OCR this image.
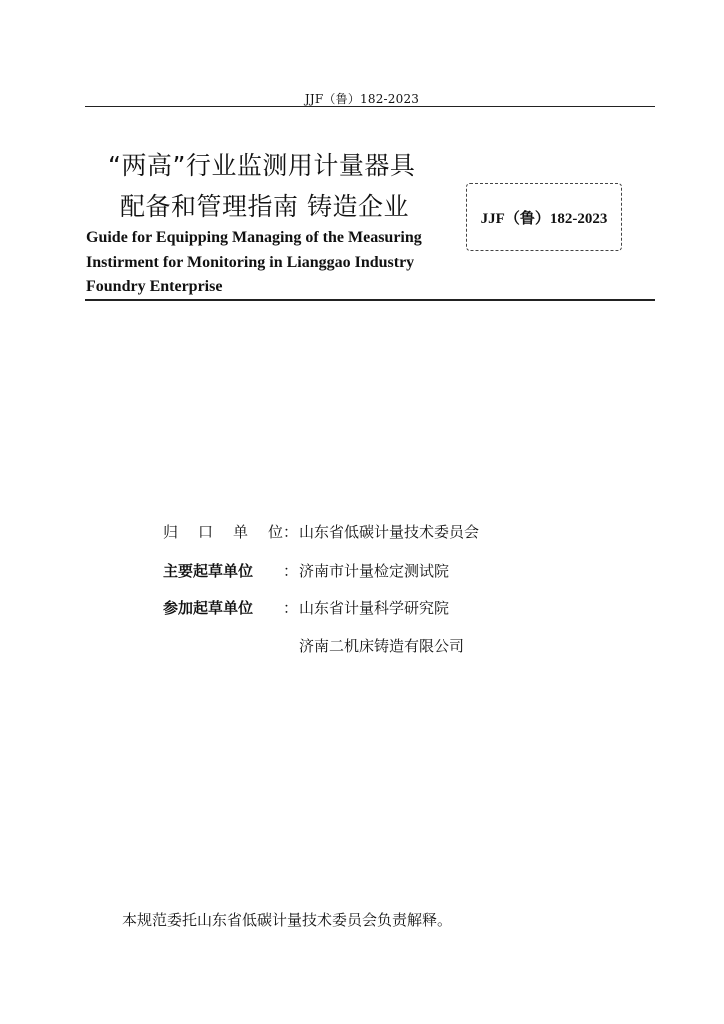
JJF（鲁）182-2023
“两高”行业监测用计量器具
配备和管理指南 铸造企业
Guide for Equipping Managing of the Measuring
Instirment for Monitoring in Lianggao Industry
Foundry Enterprise
JJF（鲁）182-2023
归 口 单 位 ： 山东省低碳计量技术委员会
主要起草单位	： 济南市计量检定测试院
参加起草单位	： 山东省计量科学研究院
济南二机床铸造有限公司
本规范委托山东省低碳计量技术委员会负责解释。
